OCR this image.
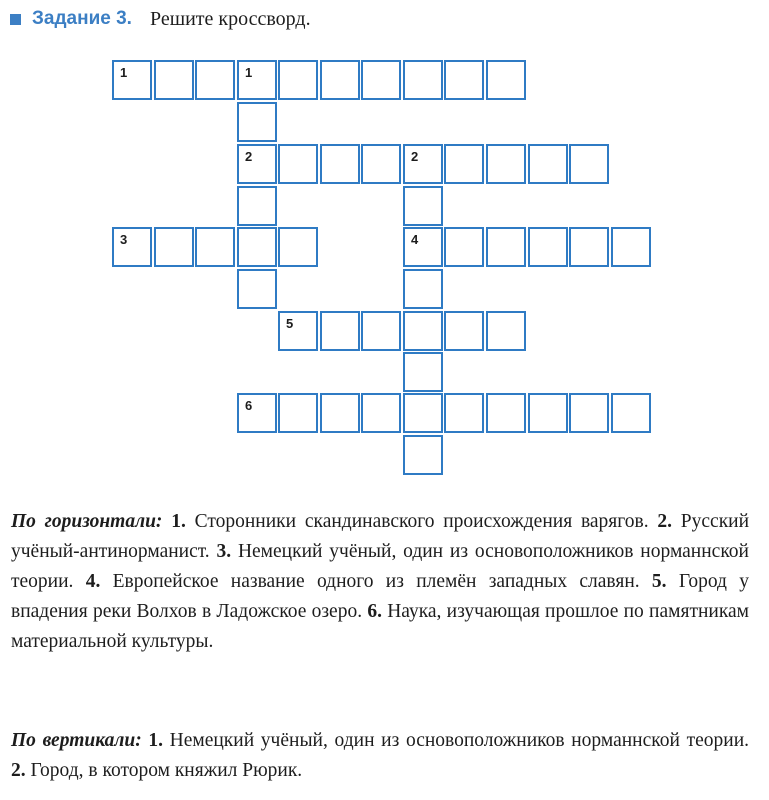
Задание 3. Решите кроссворд.
1	1
2	2
3	4
5
6
По горизонтали: 1. Сторонники скандинавского происхождения варягов. 2. Русский учёный-антинорманист. 3. Немецкий учёный, один из основоположников норманнской теории. 4. Европейское название одного из племён западных славян. 5. Город у впадения реки Волхов в Ладожское озеро. 6. Наука, изучающая прошлое по памятникам материальной культуры.
По вертикали: 1. Немецкий учёный, один из основоположников норманнской теории. 2. Город, в котором княжил Рюрик.
